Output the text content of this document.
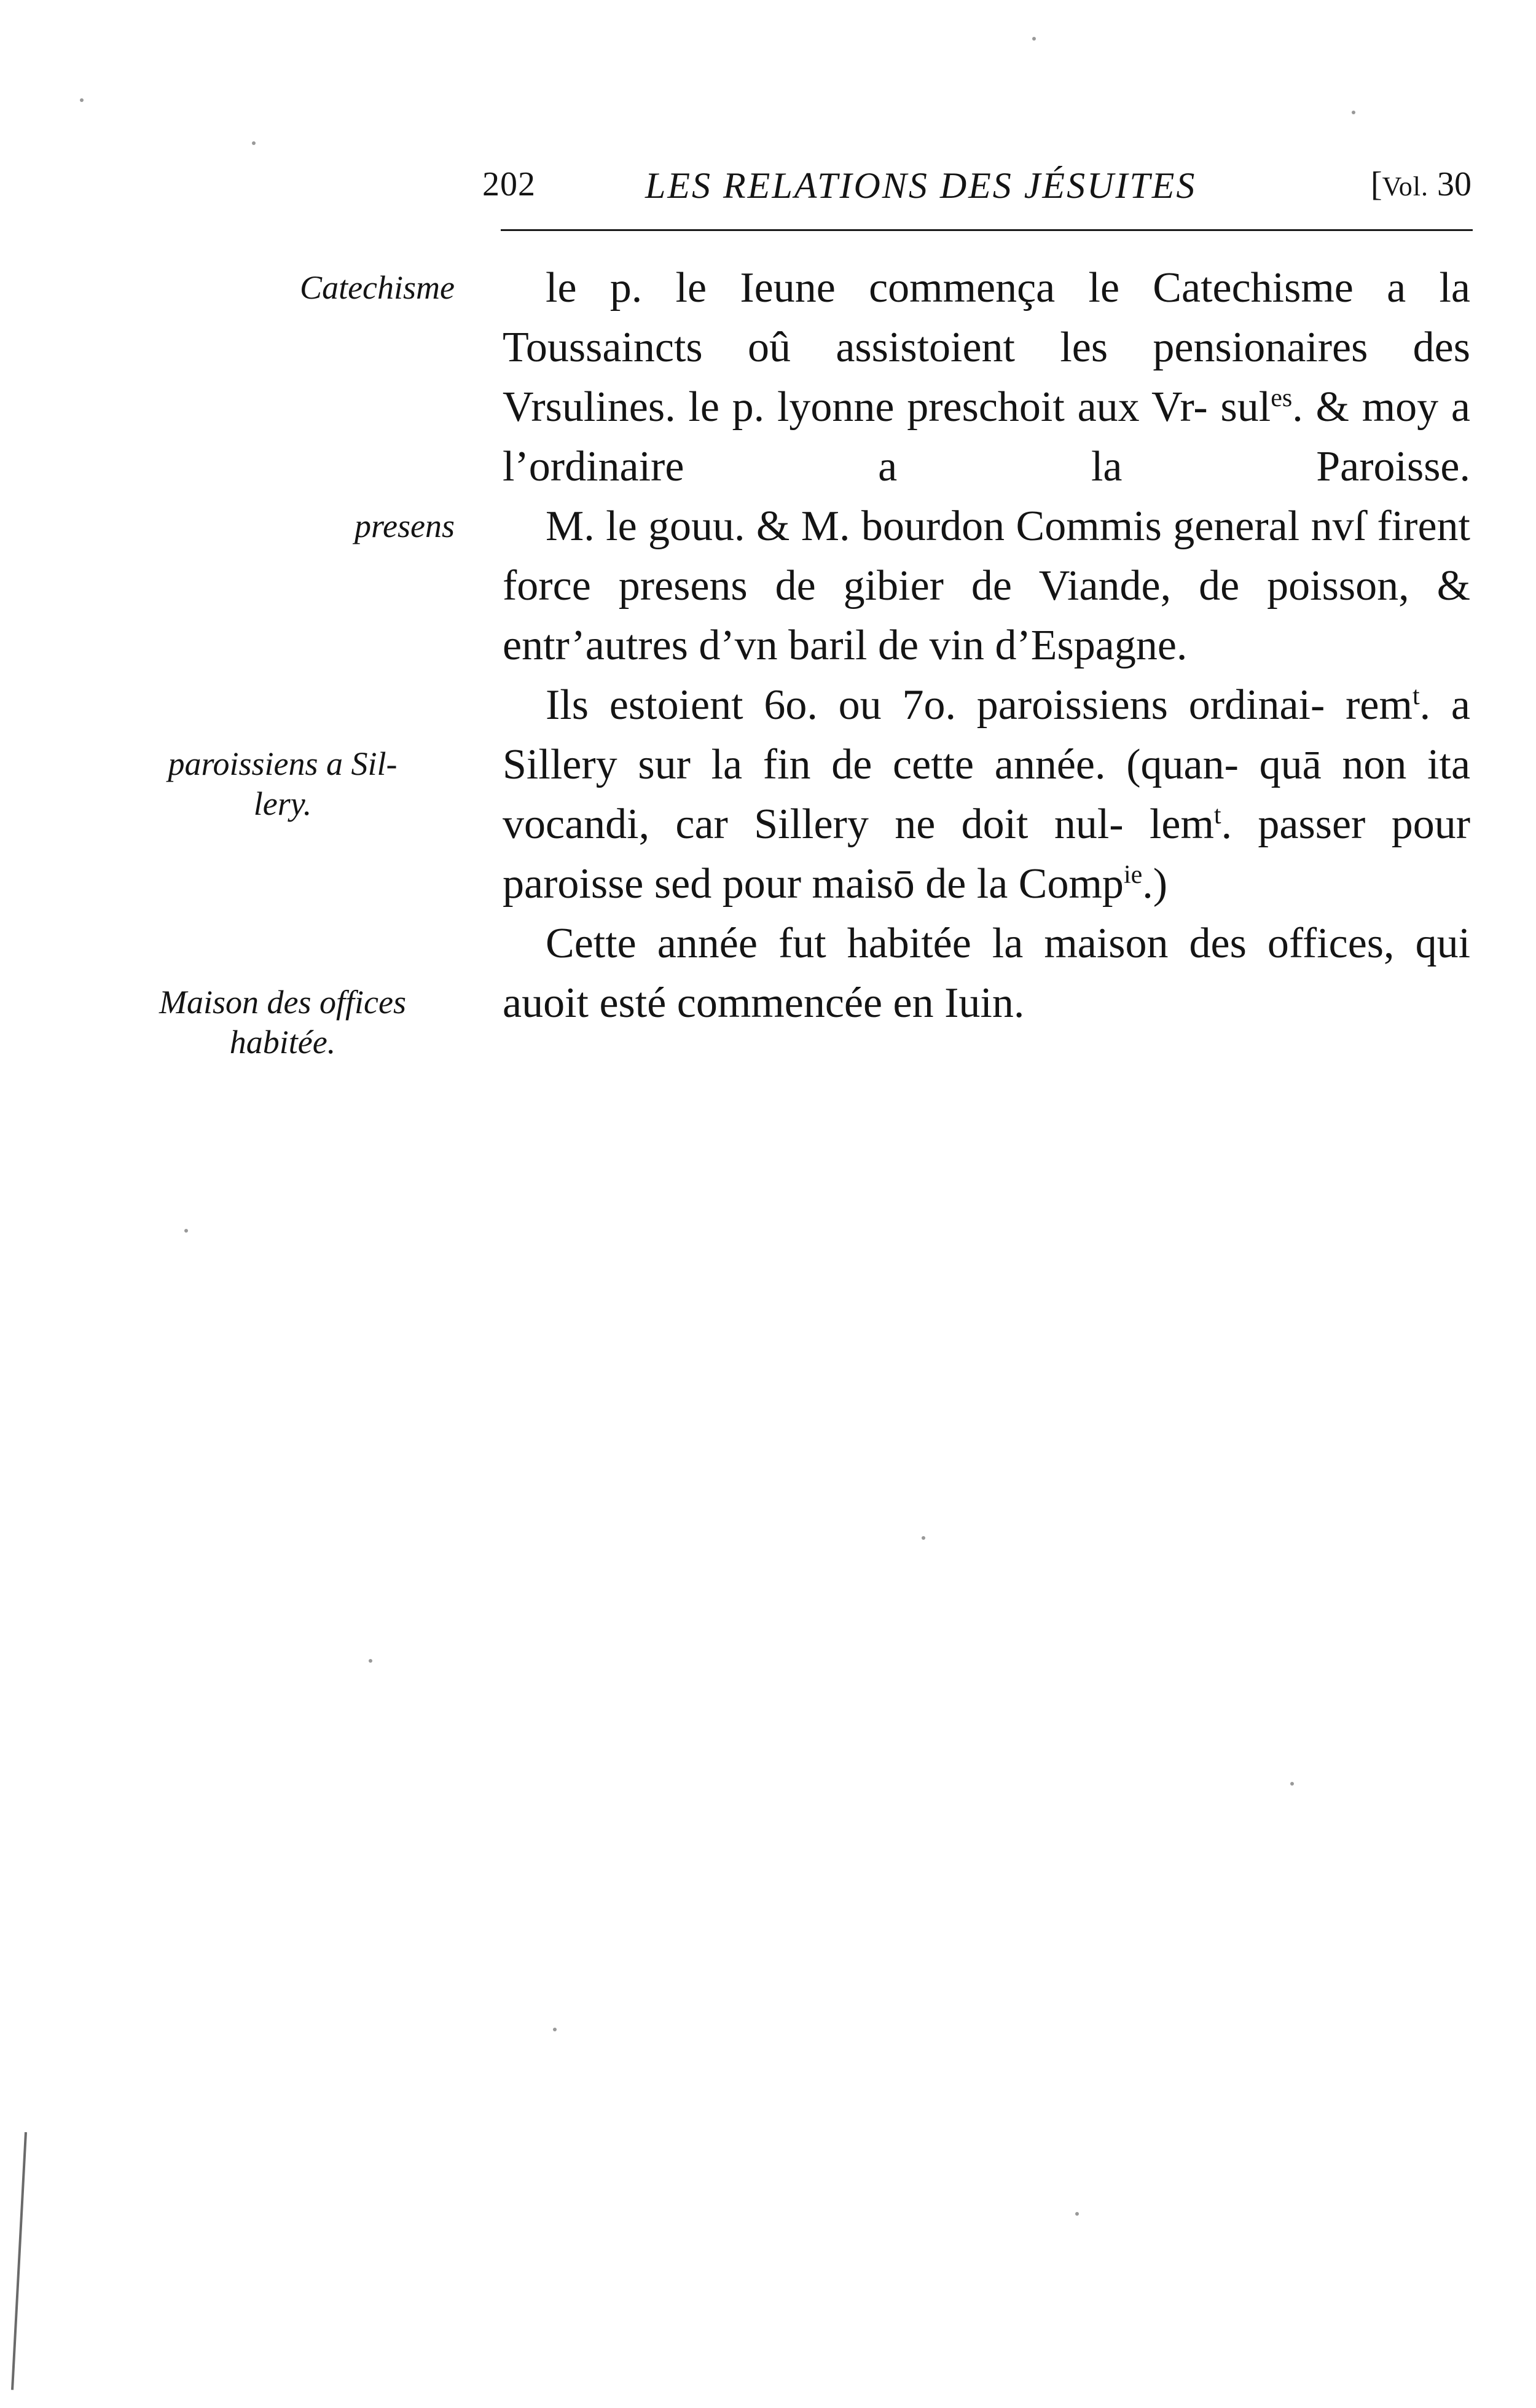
202	LES RELATIONS DES JÉSUITES	[Vol. 30
Catechisme
presens
paroissiens a Sil-
lery.
Maison des offices
habitée.

le p. le Ieune commença le Catechisme a la Toussaincts oû assistoient les pensionaires des Vrsulines. le p. lyonne preschoit aux Vr- sul$^{es}$. & moy a l’ordinaire a la Paroisse.

M. le gouu. & M. bourdon Commis general nvſ firent force presens de gibier de Viande, de poisson, & entr’autres d’vn baril de vin d’Espagne.

Ils estoient 6o. ou 7o. paroissiens ordinai- rem$^t$. a Sillery sur la fin de cette année. (quan- quā non ita vocandi, car Sillery ne doit nul- lem$^t$. passer pour paroisse sed pour maisō de la Comp$^{ie}$.)

Cette année fut habitée la maison des offices, qui auoit esté commencée en Iuin.
